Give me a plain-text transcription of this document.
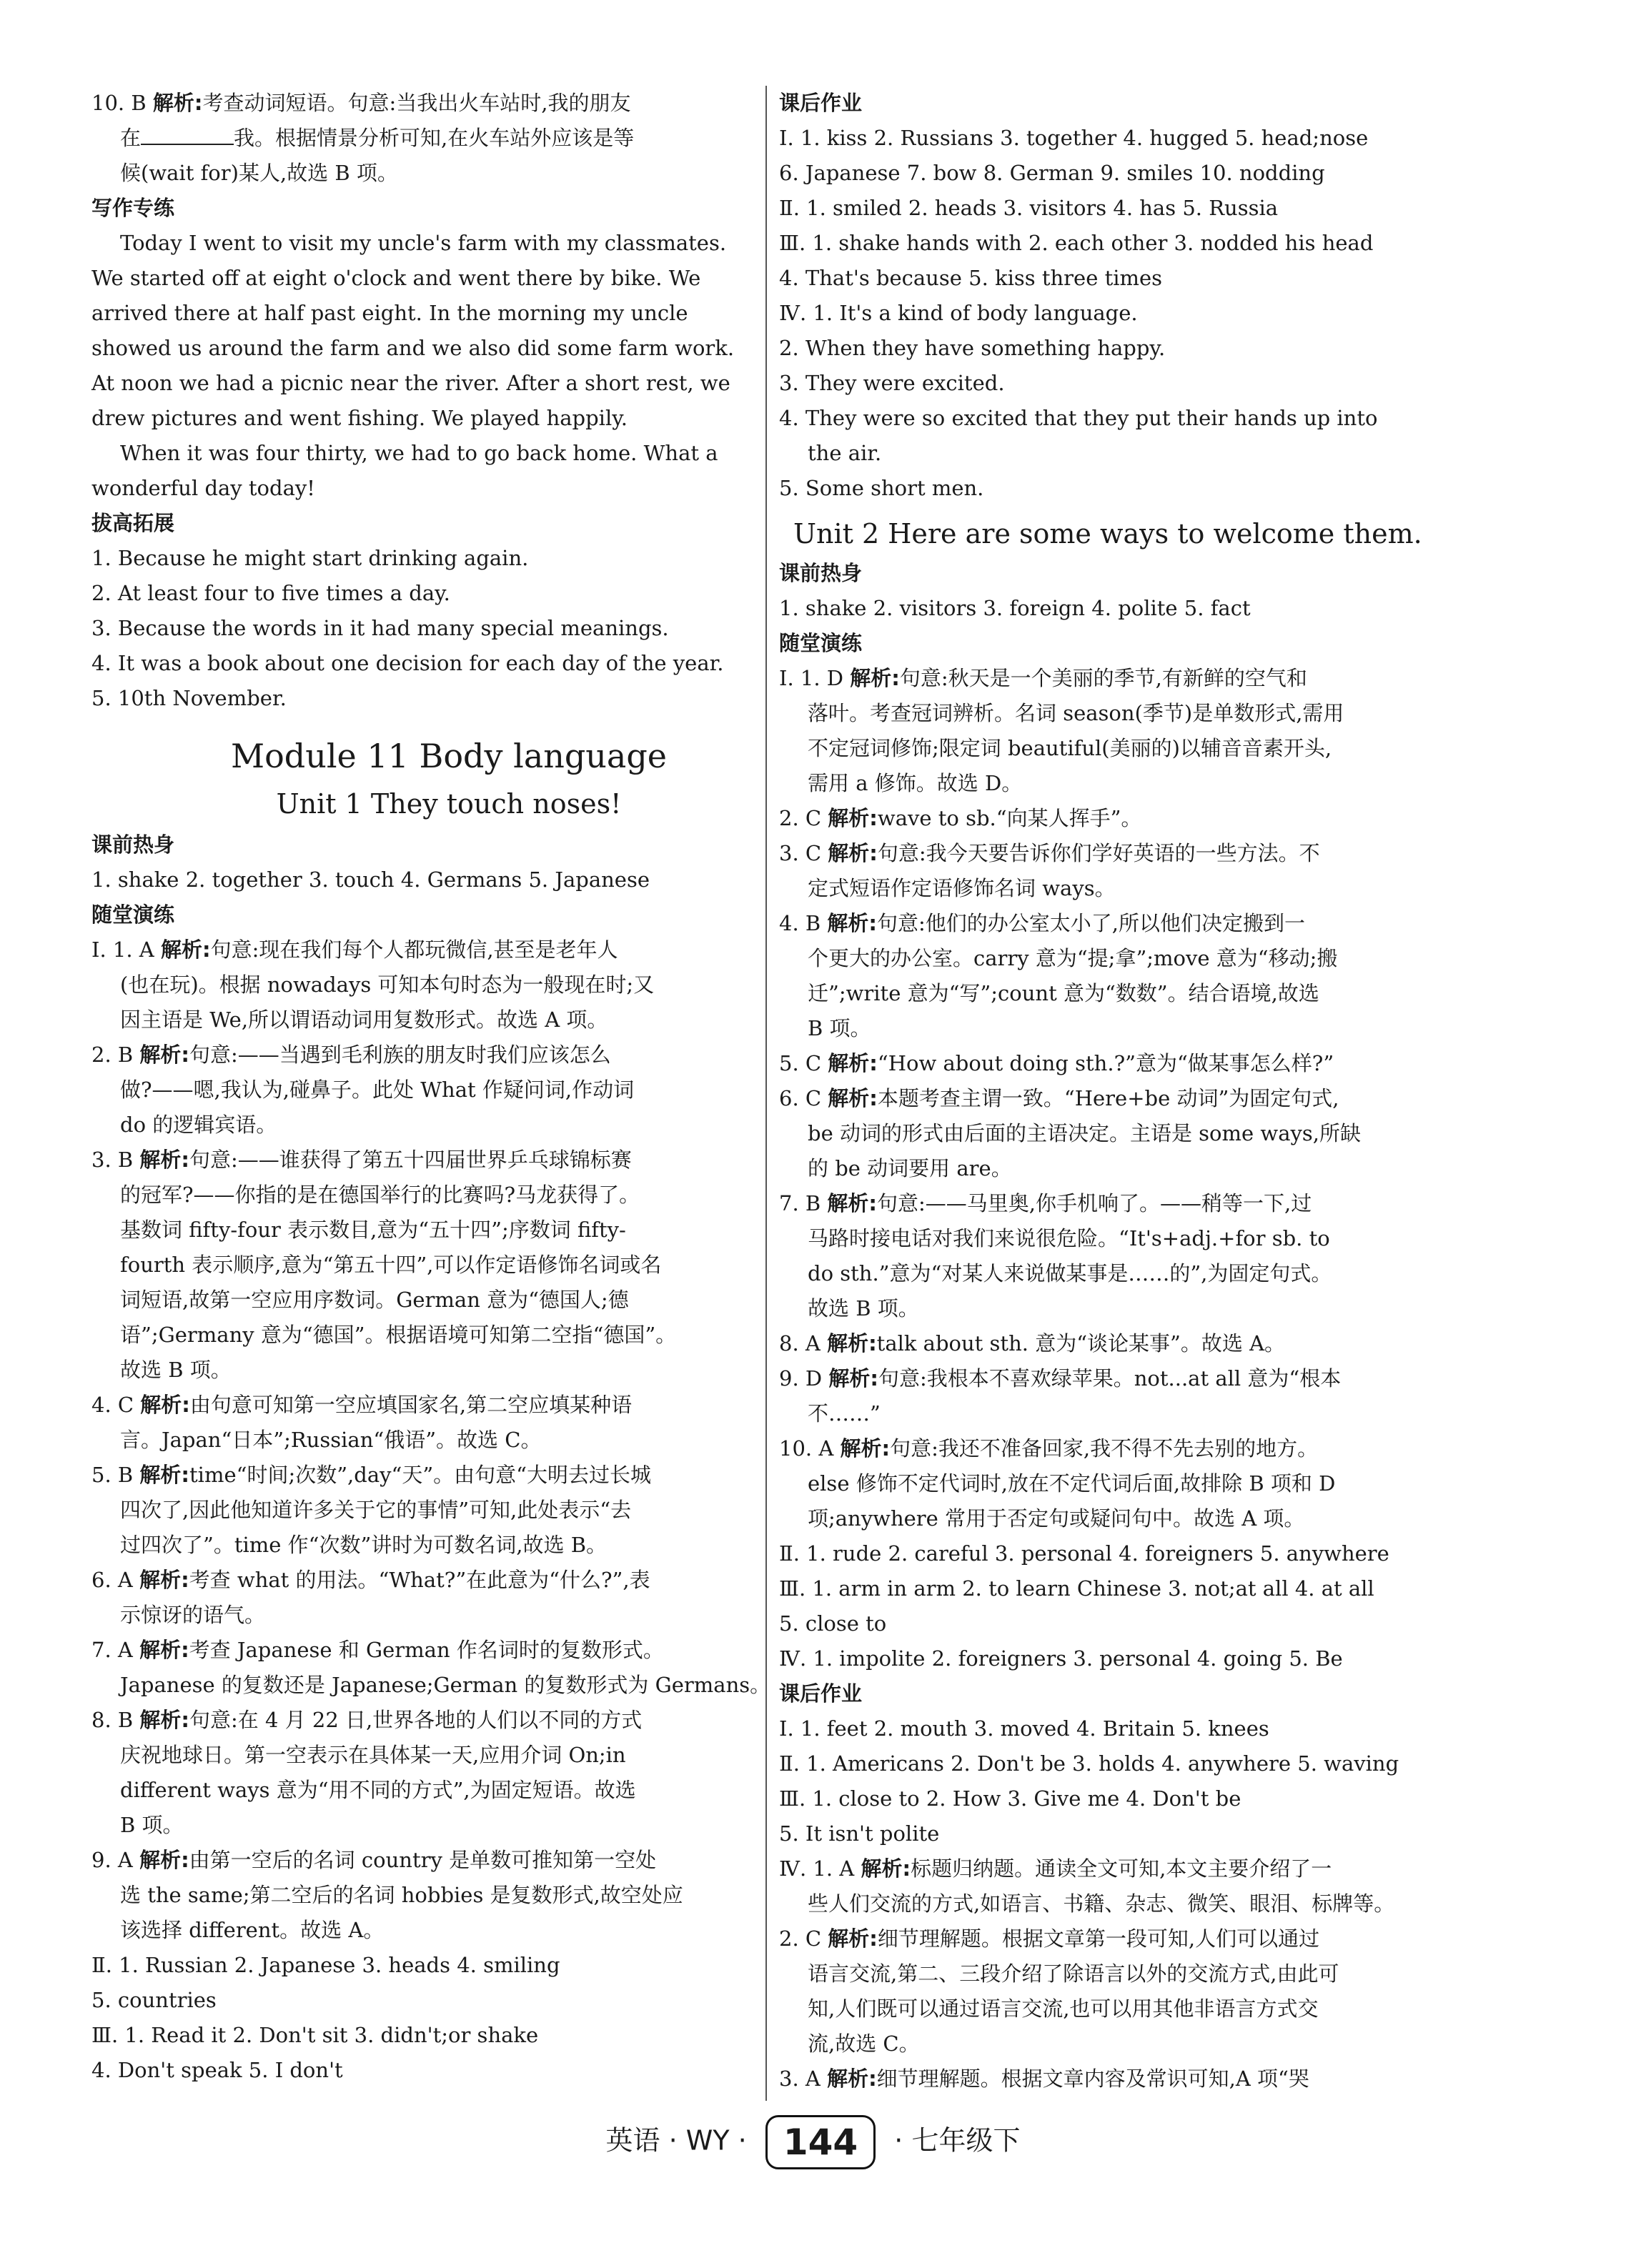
10. B 解析:考查动词短语。句意:当我出火车站时,我的朋友

在	我。根据情景分析可知,在火车站外应该是等

候(wait for)某人,故选 B 项。

写作专练

Today I went to visit my uncle's farm with my classmates.

We started off at eight o'clock and went there by bike. We

arrived there at half past eight. In the morning my uncle

showed us around the farm and we also did some farm work.

At noon we had a picnic near the river. After a short rest, we

drew pictures and went fishing. We played happily.

When it was four thirty, we had to go back home. What a

wonderful day today!

拔高拓展

1. Because he might start drinking again.

2. At least four to five times a day.

3. Because the words in it had many special meanings.

4. It was a book about one decision for each day of the year.

5. 10th November.

Module 11 Body language

Unit 1 They touch noses!

课前热身

1. shake 2. together 3. touch 4. Germans 5. Japanese

随堂演练

Ⅰ. 1. A 解析:句意:现在我们每个人都玩微信,甚至是老年人

(也在玩)。根据 nowadays 可知本句时态为一般现在时;又

因主语是 We,所以谓语动词用复数形式。故选 A 项。

2. B 解析:句意:——当遇到毛利族的朋友时我们应该怎么

做?——嗯,我认为,碰鼻子。此处 What 作疑问词,作动词

do 的逻辑宾语。

3. B 解析:句意:——谁获得了第五十四届世界乒乓球锦标赛

的冠军?——你指的是在德国举行的比赛吗?马龙获得了。

基数词 fifty-four 表示数目,意为“五十四”;序数词 fifty-

fourth 表示顺序,意为“第五十四”,可以作定语修饰名词或名

词短语,故第一空应用序数词。German 意为“德国人;德

语”;Germany 意为“德国”。根据语境可知第二空指“德国”。

故选 B 项。

4. C 解析:由句意可知第一空应填国家名,第二空应填某种语

言。Japan“日本”;Russian“俄语”。故选 C。

5. B 解析:time“时间;次数”,day“天”。由句意“大明去过长城

四次了,因此他知道许多关于它的事情”可知,此处表示“去

过四次了”。time 作“次数”讲时为可数名词,故选 B。

6. A 解析:考查 what 的用法。“What?”在此意为“什么?”,表

示惊讶的语气。

7. A 解析:考查 Japanese 和 German 作名词时的复数形式。

Japanese 的复数还是 Japanese;German 的复数形式为 Germans。

8. B 解析:句意:在 4 月 22 日,世界各地的人们以不同的方式

庆祝地球日。第一空表示在具体某一天,应用介词 On;in

different ways 意为“用不同的方式”,为固定短语。故选

B 项。

9. A 解析:由第一空后的名词 country 是单数可推知第一空处

选 the same;第二空后的名词 hobbies 是复数形式,故空处应

该选择 different。故选 A。

Ⅱ. 1. Russian 2. Japanese 3. heads 4. smiling

5. countries

Ⅲ. 1. Read it 2. Don't sit 3. didn't;or shake

4. Don't speak 5. I don't

课后作业

Ⅰ. 1. kiss 2. Russians 3. together 4. hugged 5. head;nose

6. Japanese 7. bow 8. German 9. smiles 10. nodding

Ⅱ. 1. smiled 2. heads 3. visitors 4. has 5. Russia

Ⅲ. 1. shake hands with 2. each other 3. nodded his head

4. That's because 5. kiss three times

Ⅳ. 1. It's a kind of body language.

2. When they have something happy.

3. They were excited.

4. They were so excited that they put their hands up into

the air.

5. Some short men.

Unit 2 Here are some ways to welcome them.

课前热身

1. shake 2. visitors 3. foreign 4. polite 5. fact

随堂演练

Ⅰ. 1. D 解析:句意:秋天是一个美丽的季节,有新鲜的空气和

落叶。考查冠词辨析。名词 season(季节)是单数形式,需用

不定冠词修饰;限定词 beautiful(美丽的)以辅音音素开头,

需用 a 修饰。故选 D。

2. C 解析:wave to sb.“向某人挥手”。

3. C 解析:句意:我今天要告诉你们学好英语的一些方法。不

定式短语作定语修饰名词 ways。

4. B 解析:句意:他们的办公室太小了,所以他们决定搬到一

个更大的办公室。carry 意为“提;拿”;move 意为“移动;搬

迁”;write 意为“写”;count 意为“数数”。结合语境,故选

B 项。

5. C 解析:“How about doing sth.?”意为“做某事怎么样?”

6. C 解析:本题考查主谓一致。“Here+be 动词”为固定句式,

be 动词的形式由后面的主语决定。主语是 some ways,所缺

的 be 动词要用 are。

7. B 解析:句意:——马里奥,你手机响了。——稍等一下,过

马路时接电话对我们来说很危险。“It's+adj.+for sb. to

do sth.”意为“对某人来说做某事是……的”,为固定句式。

故选 B 项。

8. A 解析:talk about sth. 意为“谈论某事”。故选 A。

9. D 解析:句意:我根本不喜欢绿苹果。not...at all 意为“根本

不……”

10. A 解析:句意:我还不准备回家,我不得不先去别的地方。

else 修饰不定代词时,放在不定代词后面,故排除 B 项和 D

项;anywhere 常用于否定句或疑问句中。故选 A 项。

Ⅱ. 1. rude 2. careful 3. personal 4. foreigners 5. anywhere

Ⅲ. 1. arm in arm 2. to learn Chinese 3. not;at all 4. at all

5. close to

Ⅳ. 1. impolite 2. foreigners 3. personal 4. going 5. Be

课后作业

Ⅰ. 1. feet 2. mouth 3. moved 4. Britain 5. knees

Ⅱ. 1. Americans 2. Don't be 3. holds 4. anywhere 5. waving

Ⅲ. 1. close to 2. How 3. Give me 4. Don't be

5. It isn't polite

Ⅳ. 1. A 解析:标题归纳题。通读全文可知,本文主要介绍了一

些人们交流的方式,如语言、书籍、杂志、微笑、眼泪、标牌等。

2. C 解析:细节理解题。根据文章第一段可知,人们可以通过

语言交流,第二、三段介绍了除语言以外的交流方式,由此可

知,人们既可以通过语言交流,也可以用其他非语言方式交

流,故选 C。

3. A 解析:细节理解题。根据文章内容及常识可知,A 项“哭

英语 · WY · 144 · 七年级下
